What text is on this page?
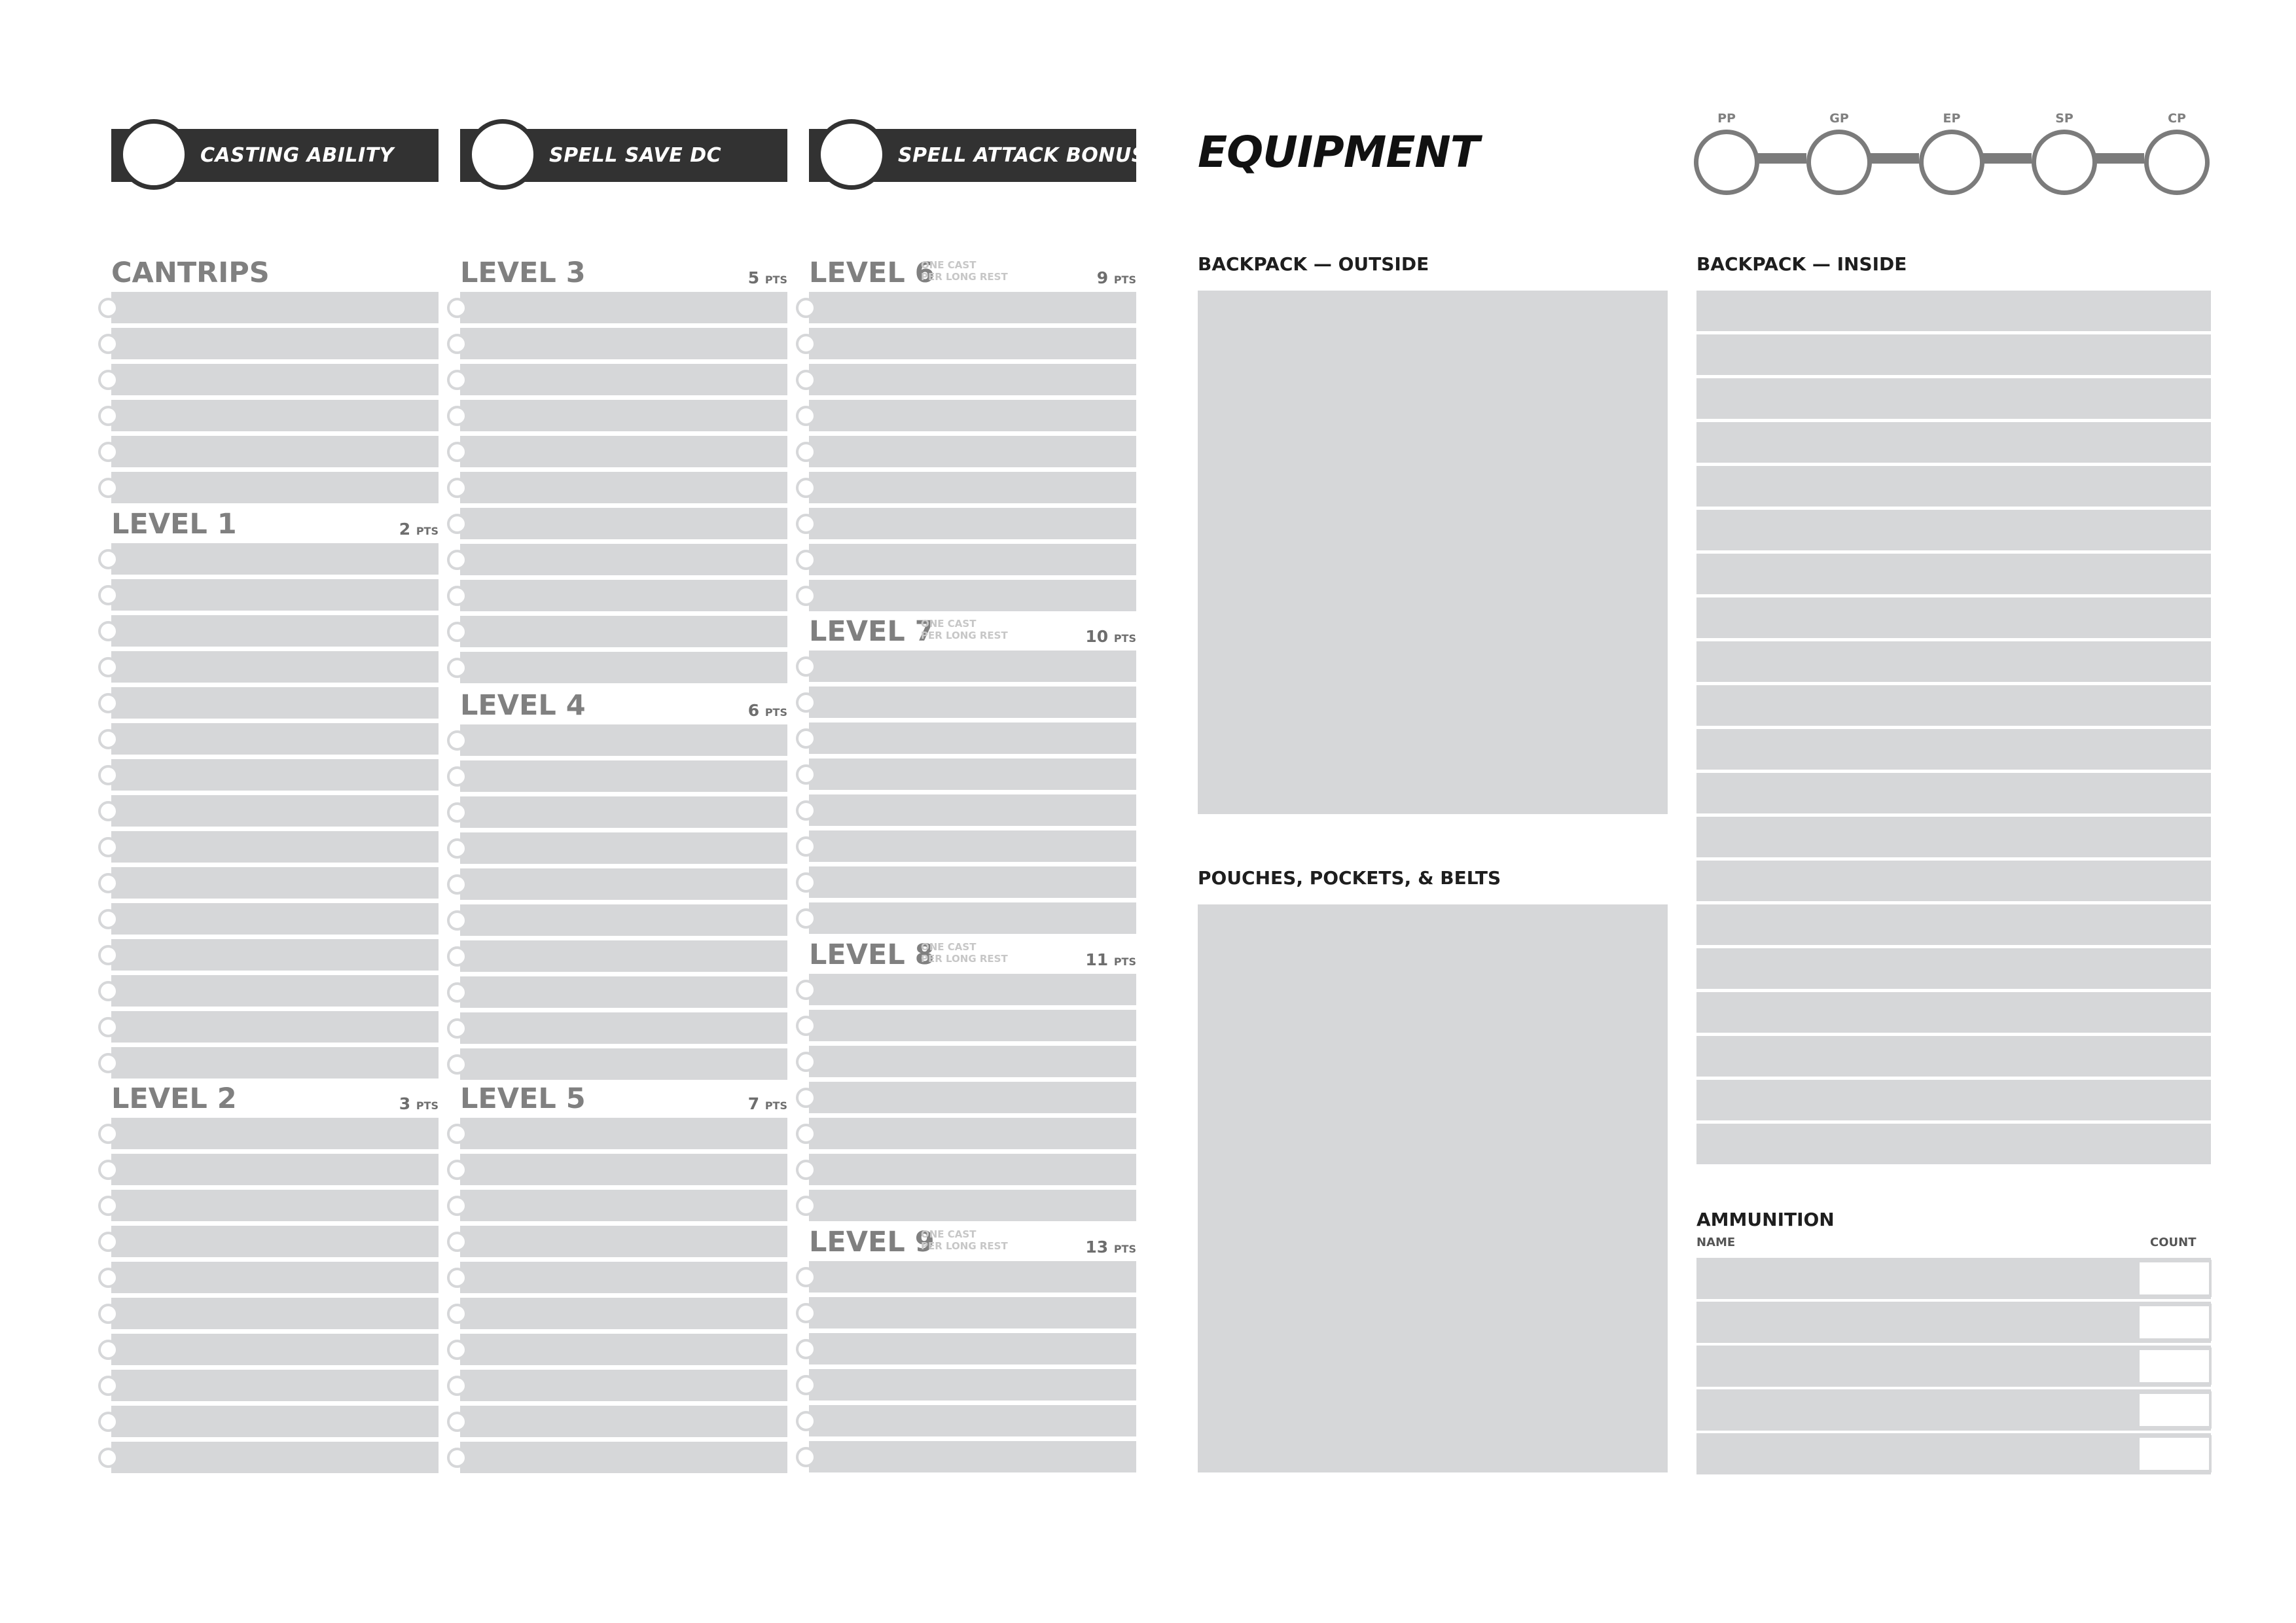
CASTING ABILITY	SPELL SAVE DC	SPELL ATTACK BONUS
CANTRIPS
LEVEL 1	2 PTS
LEVEL 2	3 PTS
LEVEL 3	5 PTS
LEVEL 4	6 PTS
LEVEL 5	7 PTS
LEVEL 6
ONE CAST
PER LONG REST	9 PTS
LEVEL 7
ONE CAST
PER LONG REST	10 PTS
LEVEL 8
ONE CAST
PER LONG REST	11 PTS
LEVEL 9
ONE CAST
PER LONG REST	13 PTS
EQUIPMENT
PP	GP	EP	SP	CP
BACKPACK — OUTSIDE
POUCHES, POCKETS, & BELTS
BACKPACK — INSIDE
AMMUNITION
NAME	COUNT
